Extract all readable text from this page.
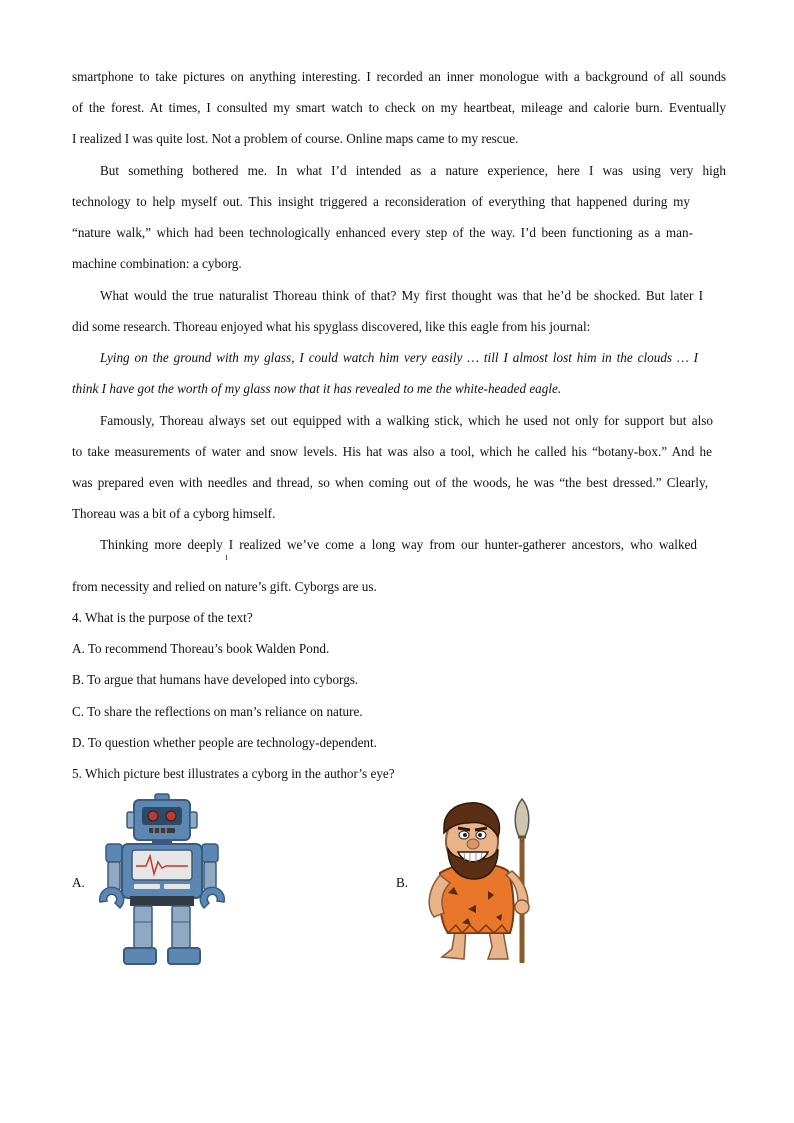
smartphone to take pictures on anything interesting. I recorded an inner monologue with a background of all sounds
of the forest. At times, I consulted my smart watch to check on my heartbeat, mileage and calorie burn. Eventually
I realized I was quite lost. Not a problem of course. Online maps came to my rescue.
But something bothered me. In what I’d intended as a nature experience, here I was using very high
technology to help myself out. This insight triggered a reconsideration of everything that happened during my
“nature walk,” which had been technologically enhanced every step of the way. I’d been functioning as a man-
machine combination: a cyborg.
What would the true naturalist Thoreau think of that? My first thought was that he’d be shocked. But later I
did some research. Thoreau enjoyed what his spyglass discovered, like this eagle from his journal:
Lying on the ground with my glass, I could watch him very easily … till I almost lost him in the clouds … I
think I have got the worth of my glass now that it has revealed to me the white-headed eagle.
Famously, Thoreau always set out equipped with a walking stick, which he used not only for support but also
to take measurements of water and snow levels. His hat was also a tool, which he called his “botany-box.” And he
was prepared even with needles and thread, so when coming out of the woods, he was “the best dressed.” Clearly,
Thoreau was a bit of a cyborg himself.
Thinking more deeply I realized we’ve come a long way from our hunter-gatherer ancestors, who walked
from necessity and relied on nature’s gift. Cyborgs are us.
4. What is the purpose of the text?
A. To recommend Thoreau’s book Walden Pond.
B. To argue that humans have developed into cyborgs.
C. To share the reflections on man’s reliance on nature.
D. To question whether people are technology-dependent.
5. Which picture best illustrates a cyborg in the author’s eye?
A.	B.
